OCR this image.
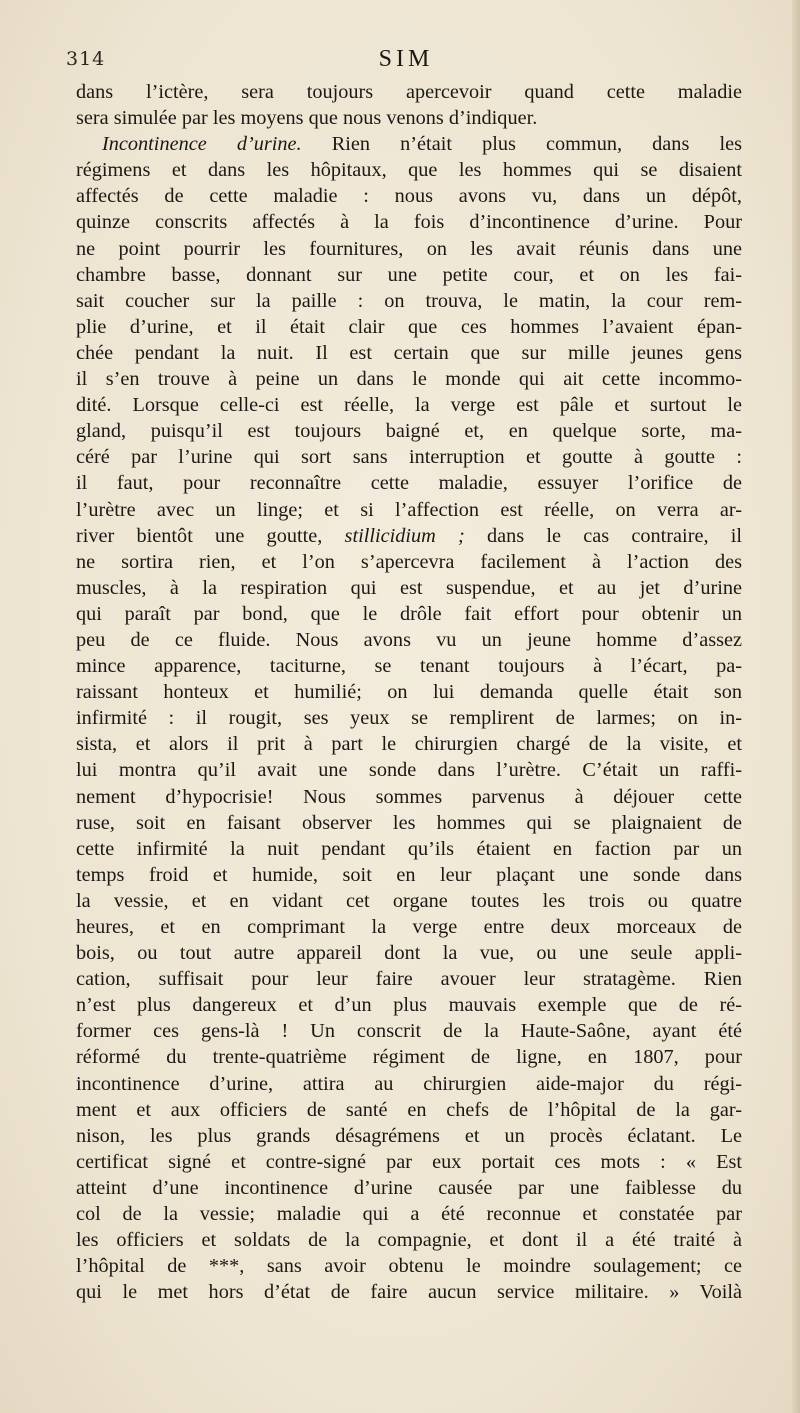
314	SIM
dans l’ictère, sera toujours apercevoir quand cette maladie
sera simulée par les moyens que nous venons d’indiquer.
Incontinence d’urine. Rien n’était plus commun, dans les
régimens et dans les hôpitaux, que les hommes qui se disaient
affectés de cette maladie : nous avons vu, dans un dépôt,
quinze conscrits affectés à la fois d’incontinence d’urine. Pour
ne point pourrir les fournitures, on les avait réunis dans une
chambre basse, donnant sur une petite cour, et on les fai-
sait coucher sur la paille : on trouva, le matin, la cour rem-
plie d’urine, et il était clair que ces hommes l’avaient épan-
chée pendant la nuit. Il est certain que sur mille jeunes gens
il s’en trouve à peine un dans le monde qui ait cette incommo-
dité. Lorsque celle-ci est réelle, la verge est pâle et surtout le
gland, puisqu’il est toujours baigné et, en quelque sorte, ma-
céré par l’urine qui sort sans interruption et goutte à goutte :
il faut, pour reconnaître cette maladie, essuyer l’orifice de
l’urètre avec un linge; et si l’affection est réelle, on verra ar-
river bientôt une goutte, stillicidium ; dans le cas contraire, il
ne sortira rien, et l’on s’apercevra facilement à l’action des
muscles, à la respiration qui est suspendue, et au jet d’urine
qui paraît par bond, que le drôle fait effort pour obtenir un
peu de ce fluide. Nous avons vu un jeune homme d’assez
mince apparence, taciturne, se tenant toujours à l’écart, pa-
raissant honteux et humilié; on lui demanda quelle était son
infirmité : il rougit, ses yeux se remplirent de larmes; on in-
sista, et alors il prit à part le chirurgien chargé de la visite, et
lui montra qu’il avait une sonde dans l’urètre. C’était un raffi-
nement d’hypocrisie! Nous sommes parvenus à déjouer cette
ruse, soit en faisant observer les hommes qui se plaignaient de
cette infirmité la nuit pendant qu’ils étaient en faction par un
temps froid et humide, soit en leur plaçant une sonde dans
la vessie, et en vidant cet organe toutes les trois ou quatre
heures, et en comprimant la verge entre deux morceaux de
bois, ou tout autre appareil dont la vue, ou une seule appli-
cation, suffisait pour leur faire avouer leur stratagème. Rien
n’est plus dangereux et d’un plus mauvais exemple que de ré-
former ces gens-là ! Un conscrit de la Haute-Saône, ayant été
réformé du trente-quatrième régiment de ligne, en 1807, pour
incontinence d’urine, attira au chirurgien aide-major du régi-
ment et aux officiers de santé en chefs de l’hôpital de la gar-
nison, les plus grands désagrémens et un procès éclatant. Le
certificat signé et contre-signé par eux portait ces mots : « Est
atteint d’une incontinence d’urine causée par une faiblesse du
col de la vessie; maladie qui a été reconnue et constatée par
les officiers et soldats de la compagnie, et dont il a été traité à
l’hôpital de ***, sans avoir obtenu le moindre soulagement; ce
qui le met hors d’état de faire aucun service militaire. » Voilà
